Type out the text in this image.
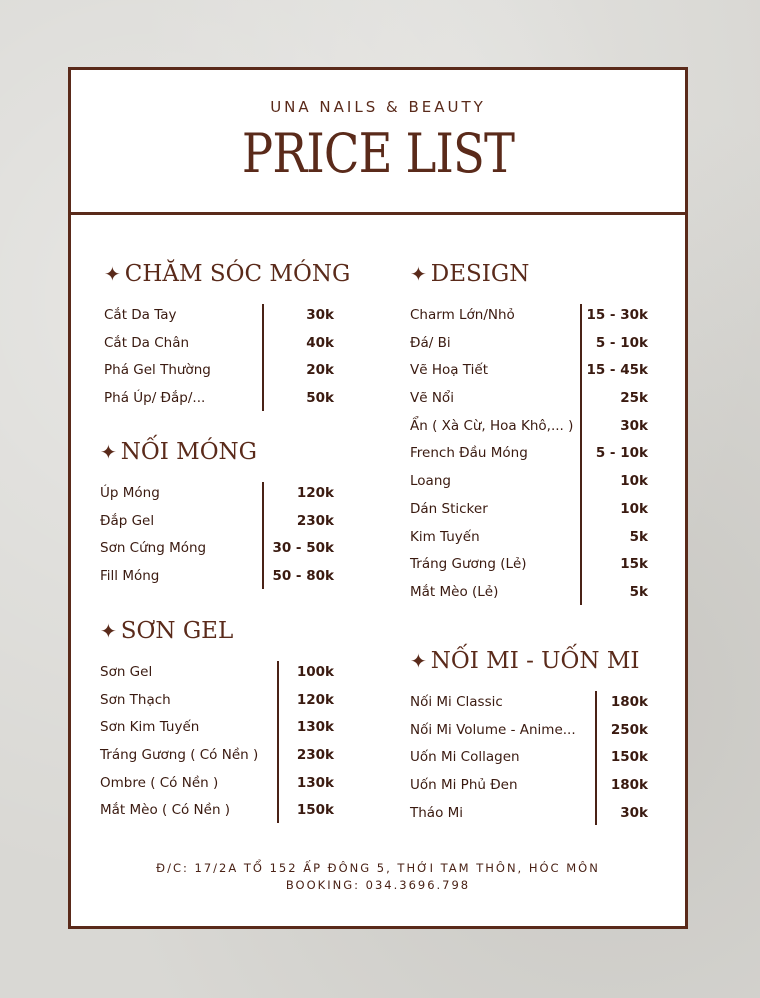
UNA NAILS & BEAUTY
PRICE LIST
✦ CHĂM SÓC MÓNG
Cắt Da Tay	30k
Cắt Da Chân	40k
Phá Gel Thường	20k
Phá Úp/ Đắp/...	50k
✦ NỐI MÓNG
Úp Móng	120k
Đắp Gel	230k
Sơn Cứng Móng	30 - 50k
Fill Móng	50 - 80k
✦ SƠN GEL
Sơn Gel	100k
Sơn Thạch	120k
Sơn Kim Tuyến	130k
Tráng Gương ( Có Nền )	230k
Ombre ( Có Nền )	130k
Mắt Mèo ( Có Nền )	150k
✦ DESIGN
Charm Lớn/Nhỏ	15 - 30k
Đá/ Bi	5 - 10k
Vẽ Hoạ Tiết	15 - 45k
Vẽ Nổi	25k
Ẩn ( Xà Cừ, Hoa Khô,... )	30k
French Đầu Móng	5 - 10k
Loang	10k
Dán Sticker	10k
Kim Tuyến	5k
Tráng Gương (Lẻ)	15k
Mắt Mèo (Lẻ)	5k
✦ NỐI MI - UỐN MI
Nối Mi Classic	180k
Nối Mi Volume - Anime...	250k
Uốn Mi Collagen	150k
Uốn Mi Phủ Đen	180k
Tháo Mi	30k
Đ/C: 17/2A TỔ 152 ẤP ĐÔNG 5, THỚI TAM THÔN, HÓC MÔN
BOOKING: 034.3696.798
